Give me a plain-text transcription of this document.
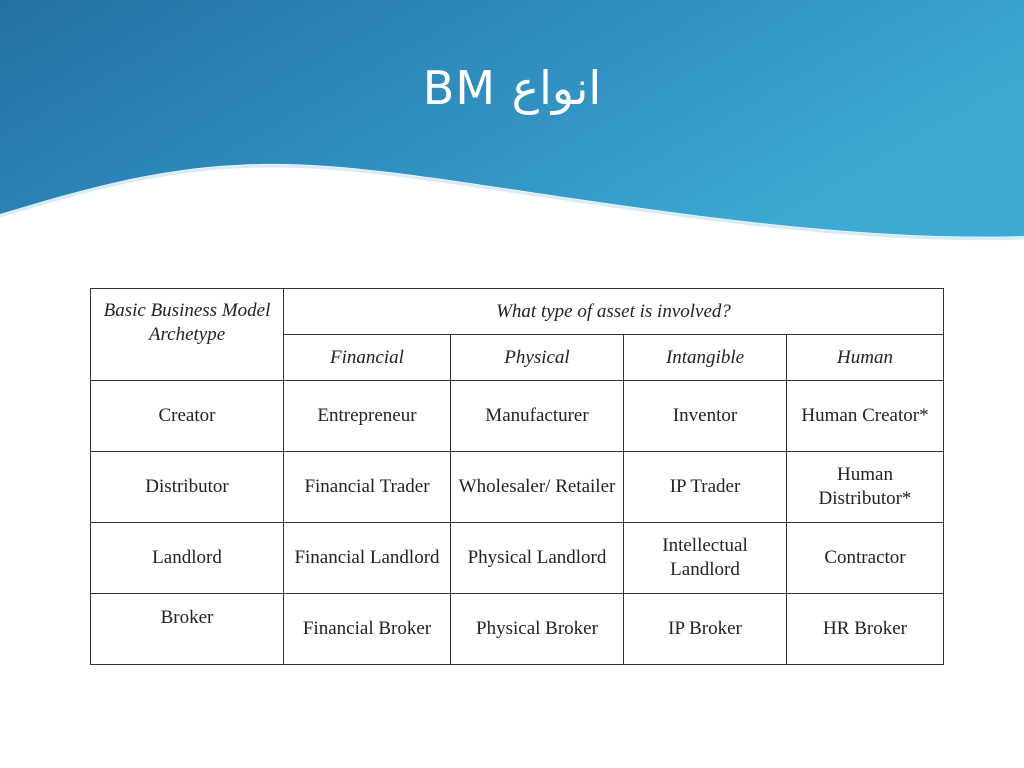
BM انواع
Basic Business Model Archetype	What type of asset is involved?			
	Financial	Physical	Intangible	Human
Creator	Entrepreneur	Manufacturer	Inventor	Human Creator*
Distributor	Financial Trader	Wholesaler/ Retailer	IP Trader	Human Distributor*
Landlord	Financial Landlord	Physical Landlord	Intellectual Landlord	Contractor
Broker	Financial Broker	Physical Broker	IP Broker	HR Broker
